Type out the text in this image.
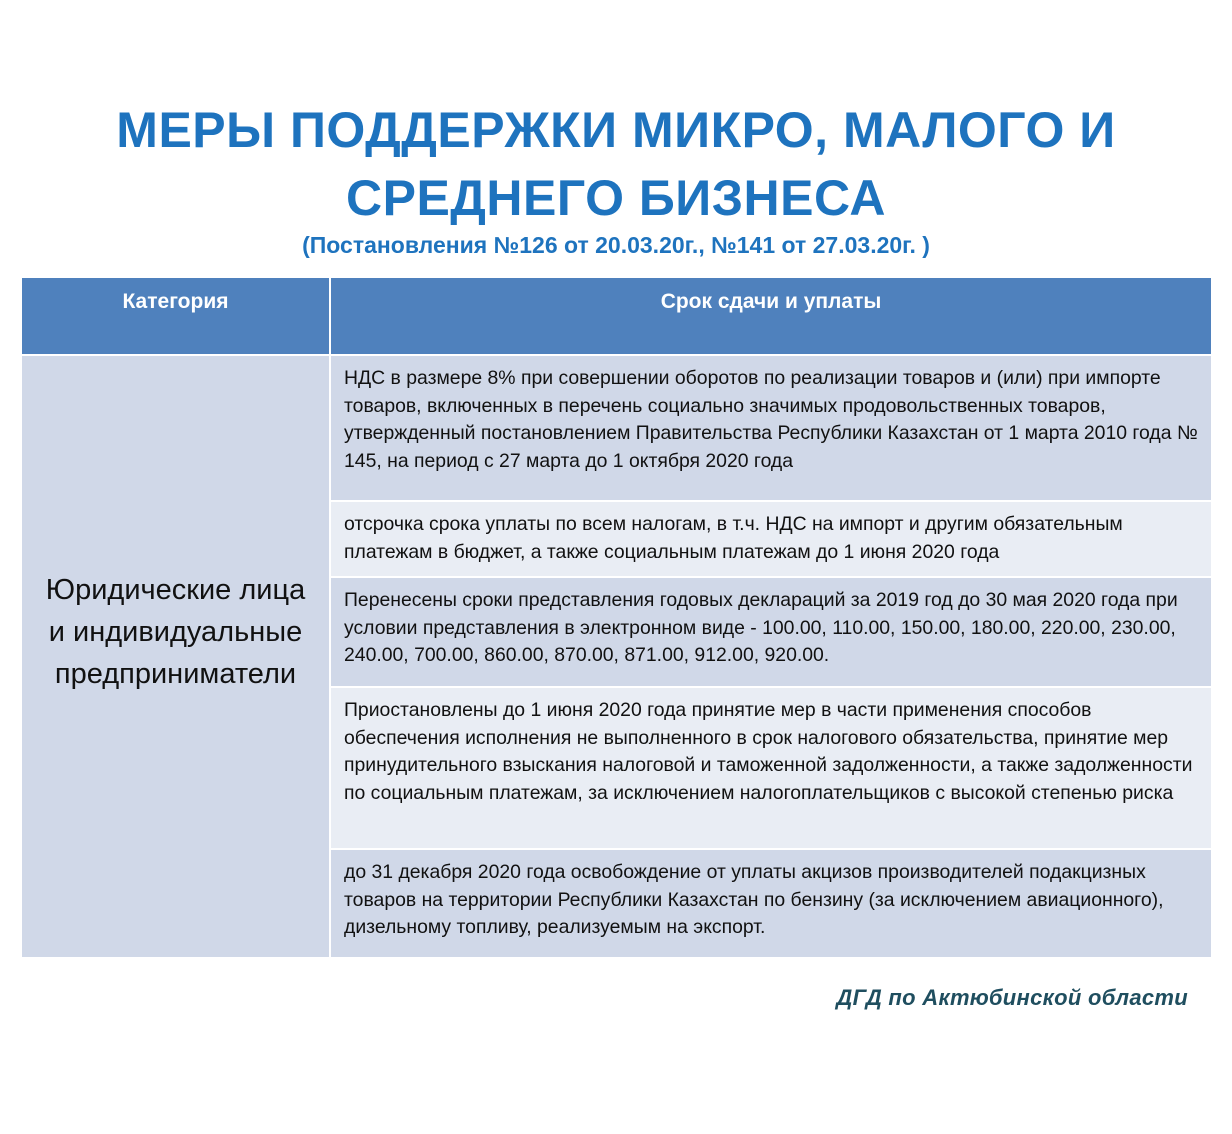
МЕРЫ ПОДДЕРЖКИ МИКРО, МАЛОГО И
СРЕДНЕГО БИЗНЕСА
(Постановления №126 от 20.03.20г., №141 от 27.03.20г. )
Категория	Срок сдачи и уплаты
Юридические лица и индивидуальные предприниматели
НДС в размере 8% при совершении оборотов по реализации товаров и (или) при импорте товаров, включенных в перечень социально значимых продовольственных товаров, утвержденный постановлением Правительства Республики Казахстан от 1 марта 2010 года № 145, на период с 27 марта до 1 октября 2020 года
отсрочка срока уплаты по всем налогам, в т.ч. НДС на импорт и другим обязательным платежам в бюджет, а также социальным платежам до 1 июня 2020 года
Перенесены сроки представления годовых деклараций за 2019 год до 30 мая 2020 года при условии представления в электронном виде - 100.00, 110.00, 150.00, 180.00, 220.00, 230.00, 240.00, 700.00, 860.00, 870.00, 871.00, 912.00, 920.00.
Приостановлены до 1 июня 2020 года принятие мер в части применения способов обеспечения исполнения не выполненного в срок налогового обязательства, принятие мер принудительного взыскания налоговой и таможенной задолженности, а также задолженности по социальным платежам, за исключением налогоплательщиков с высокой степенью риска
до 31 декабря 2020 года освобождение от уплаты акцизов производителей подакцизных товаров на территории Республики Казахстан по бензину (за исключением авиационного), дизельному топливу, реализуемым на экспорт.
ДГД по Актюбинской области
